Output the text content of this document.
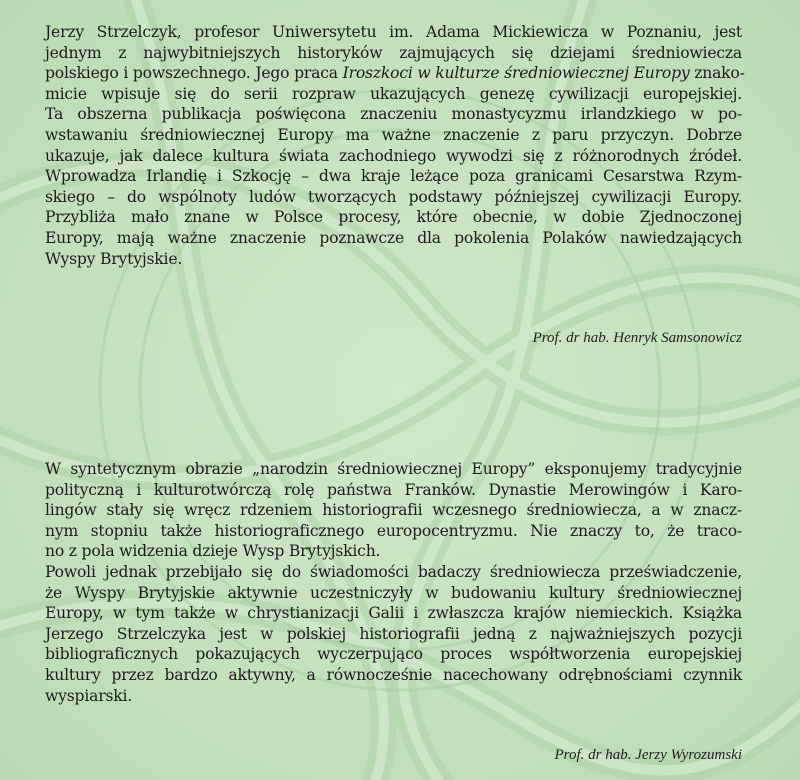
Jerzy Strzelczyk, profesor Uniwersytetu im. Adama Mickiewicza w Poznaniu, jest
jednym z najwybitniejszych historyków zajmujących się dziejami średniowiecza
polskiego i powszechnego. Jego praca Iroszkoci w kulturze średniowiecznej Europy znako-
micie wpisuje się do serii rozpraw ukazujących genezę cywilizacji europejskiej.
Ta obszerna publikacja poświęcona znaczeniu monastycyzmu irlandzkiego w po-
wstawaniu średniowiecznej Europy ma ważne znaczenie z paru przyczyn. Dobrze
ukazuje, jak dalece kultura świata zachodniego wywodzi się z różnorodnych źródeł.
Wprowadza Irlandię i Szkocję – dwa kraje leżące poza granicami Cesarstwa Rzym-
skiego – do wspólnoty ludów tworzących podstawy późniejszej cywilizacji Europy.
Przybliża mało znane w Polsce procesy, które obecnie, w dobie Zjednoczonej
Europy, mają ważne znaczenie poznawcze dla pokolenia Polaków nawiedzających
Wyspy Brytyjskie.
Prof. dr hab. Henryk Samsonowicz
W syntetycznym obrazie „narodzin średniowiecznej Europy” eksponujemy tradycyjnie
polityczną i kulturotwórczą rolę państwa Franków. Dynastie Merowingów i Karo-
lingów stały się wręcz rdzeniem historiografii wczesnego średniowiecza, a w znacz-
nym stopniu także historiograficznego europocentryzmu. Nie znaczy to, że traco-
no z pola widzenia dzieje Wysp Brytyjskich.
Powoli jednak przebijało się do świadomości badaczy średniowiecza przeświadczenie,
że Wyspy Brytyjskie aktywnie uczestniczyły w budowaniu kultury średniowiecznej
Europy, w tym także w chrystianizacji Galii i zwłaszcza krajów niemieckich. Książka
Jerzego Strzelczyka jest w polskiej historiografii jedną z najważniejszych pozycji
bibliograficznych pokazujących wyczerpująco proces współtworzenia europejskiej
kultury przez bardzo aktywny, a równocześnie nacechowany odrębnościami czynnik
wyspiarski.
Prof. dr hab. Jerzy Wyrozumski
